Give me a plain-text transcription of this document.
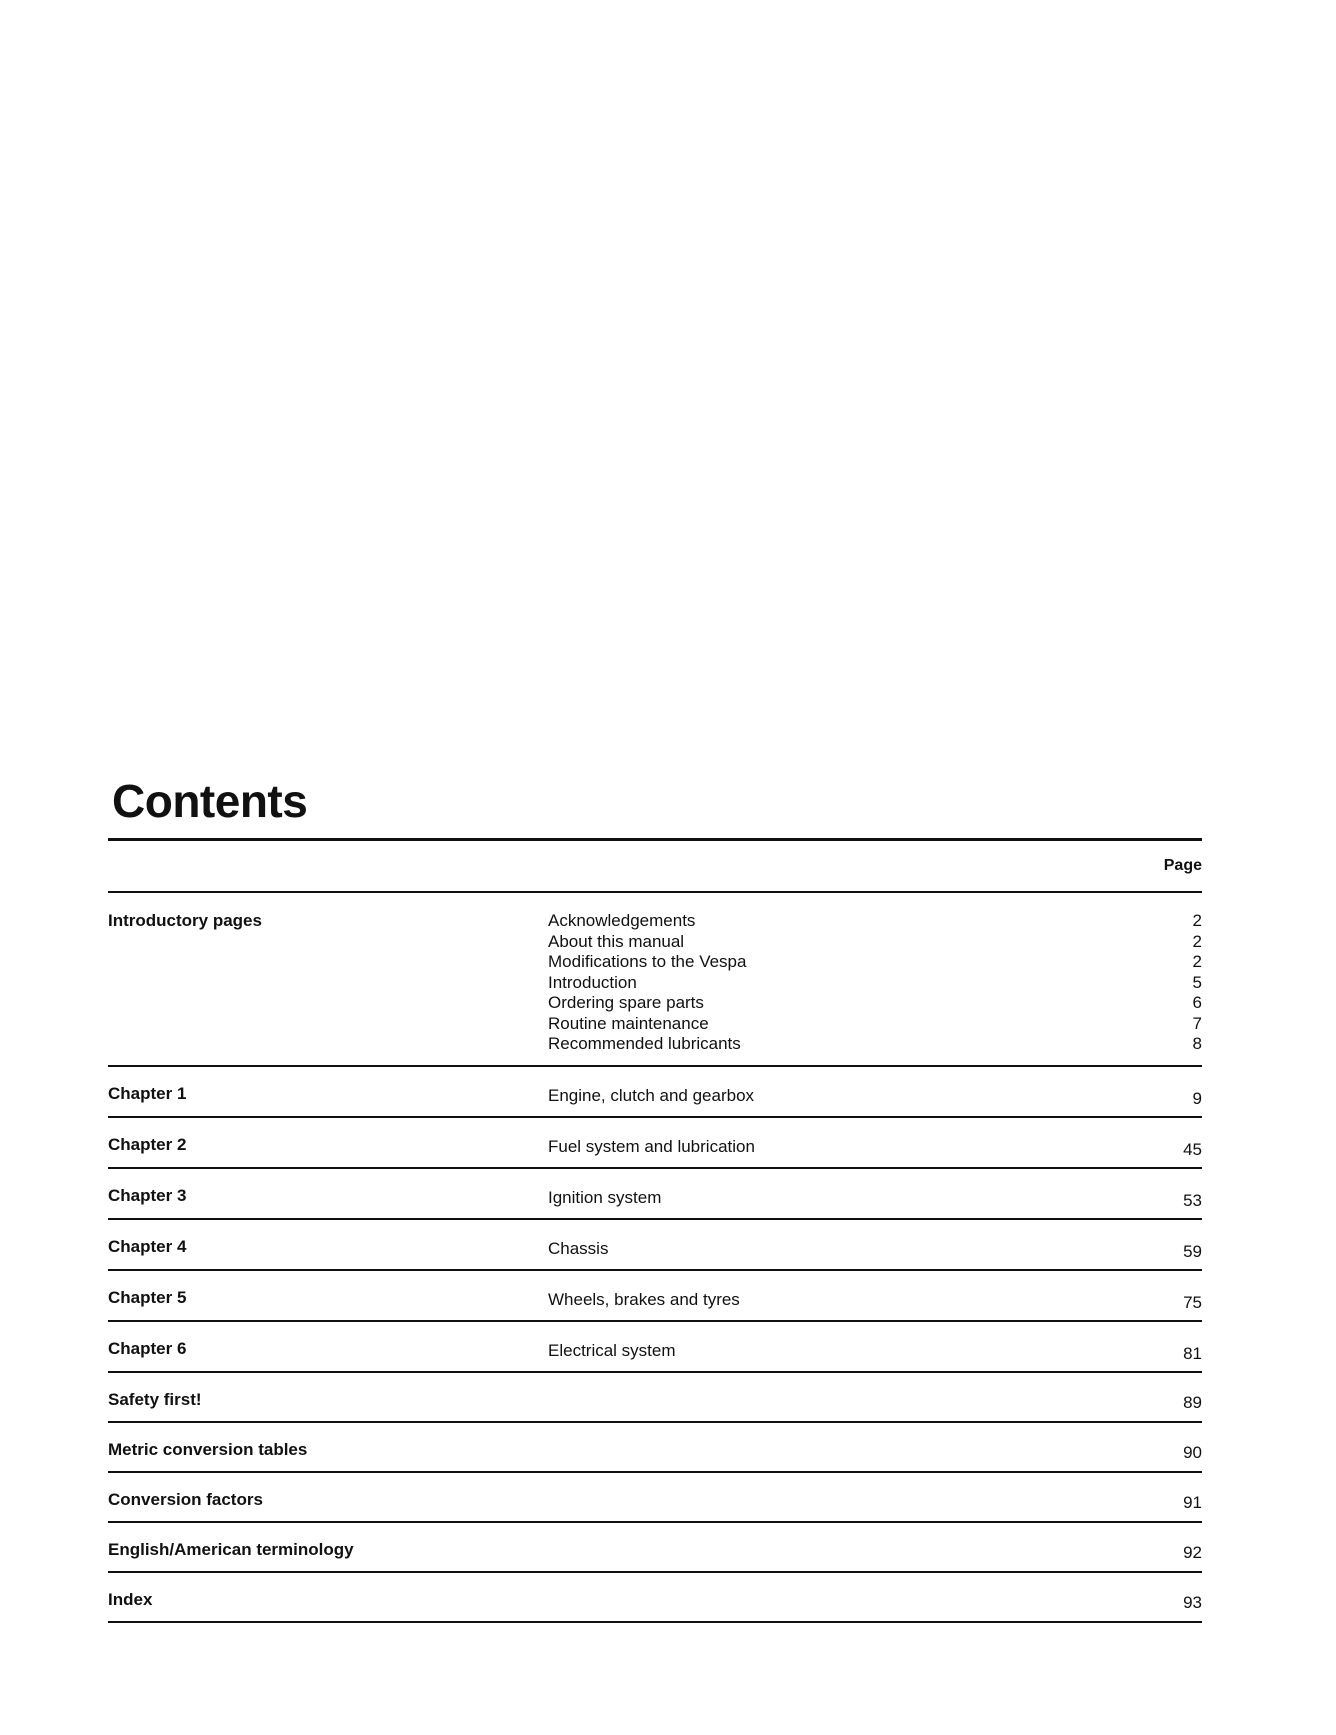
Contents
Page
Introductory pages	Acknowledgements	2
About this manual	2
Modifications to the Vespa	2
Introduction	5
Ordering spare parts	6
Routine maintenance	7
Recommended lubricants	8
Chapter 1	Engine, clutch and gearbox	9
Chapter 2	Fuel system and lubrication	45
Chapter 3	Ignition system	53
Chapter 4	Chassis	59
Chapter 5	Wheels, brakes and tyres	75
Chapter 6	Electrical system	81
Safety first!	89
Metric conversion tables	90
Conversion factors	91
English/American terminology	92
Index	93
